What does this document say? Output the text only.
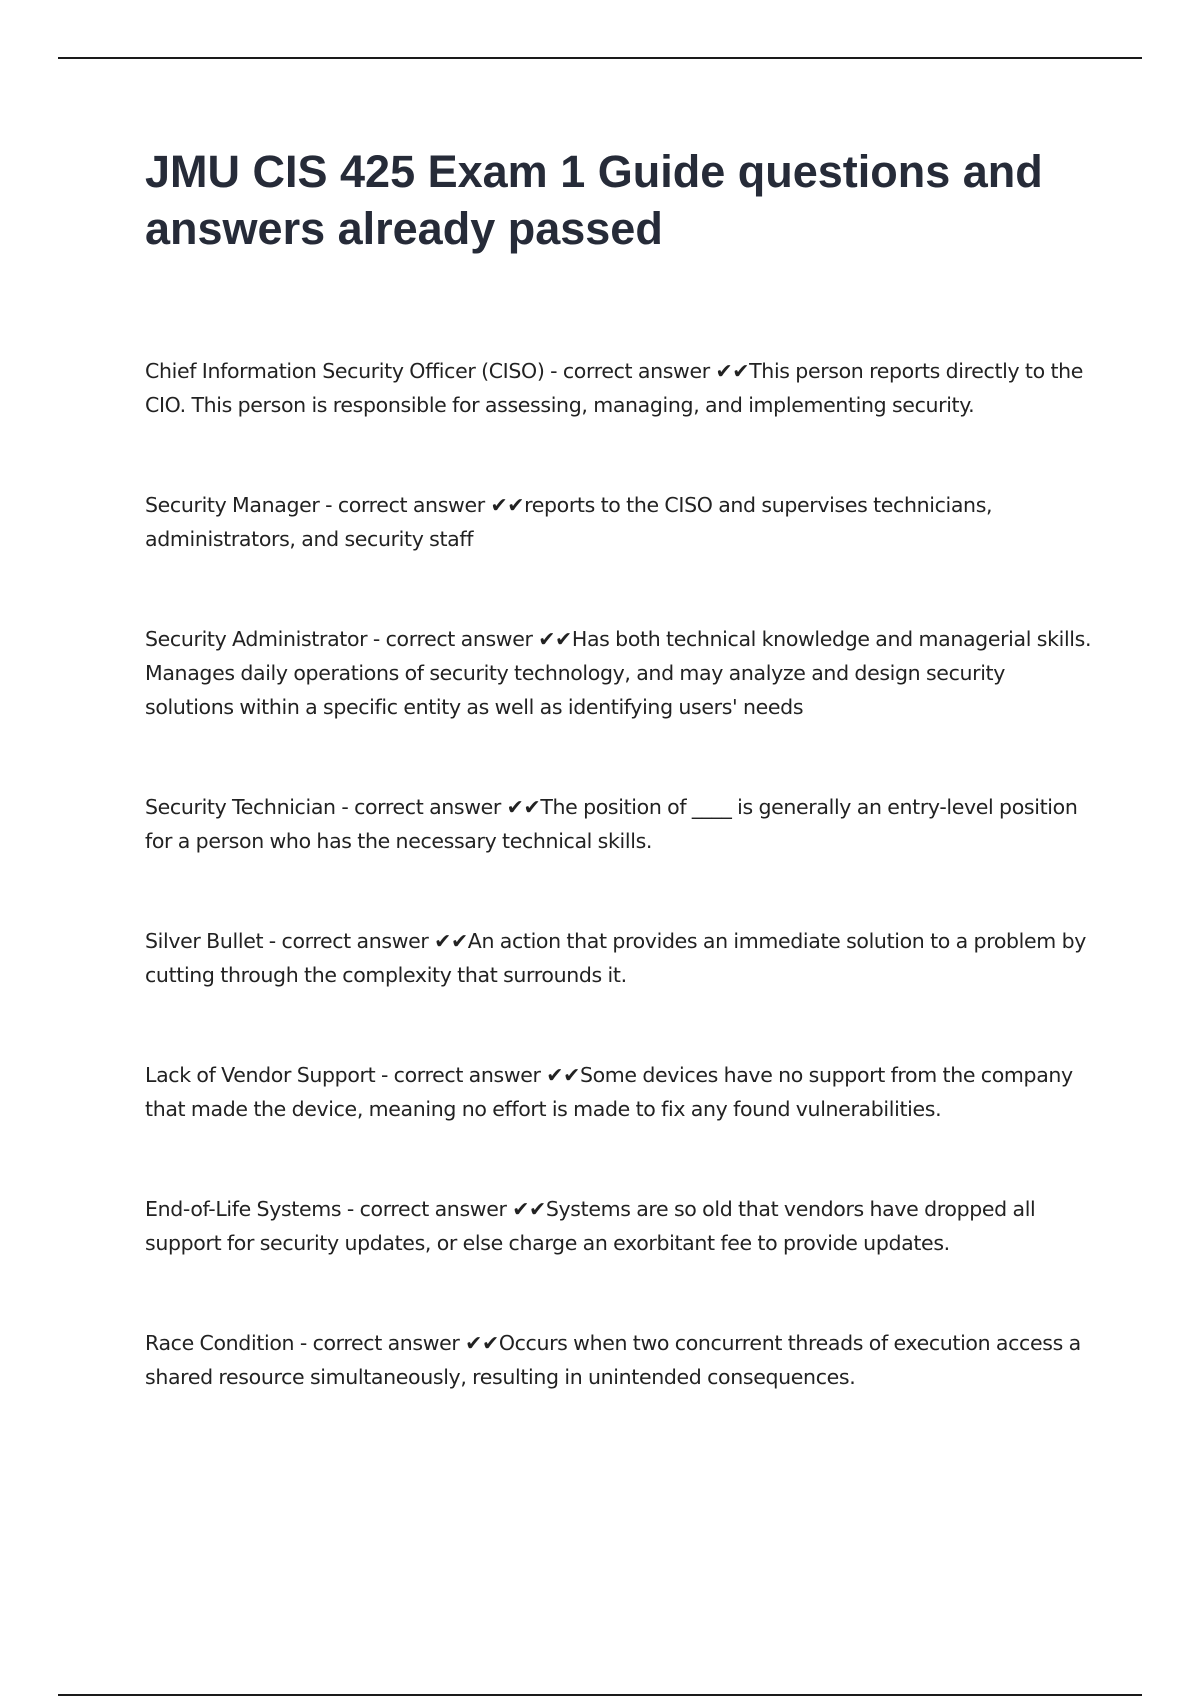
JMU CIS 425 Exam 1 Guide questions and answers already passed

Chief Information Security Officer (CISO) - correct answer ✔✔This person reports directly to the CIO. This person is responsible for assessing, managing, and implementing security.

Security Manager - correct answer ✔✔reports to the CISO and supervises technicians, administrators, and security staff

Security Administrator - correct answer ✔✔Has both technical knowledge and managerial skills. Manages daily operations of security technology, and may analyze and design security solutions within a specific entity as well as identifying users' needs

Security Technician - correct answer ✔✔The position of ____ is generally an entry-level position for a person who has the necessary technical skills.

Silver Bullet - correct answer ✔✔An action that provides an immediate solution to a problem by cutting through the complexity that surrounds it.

Lack of Vendor Support - correct answer ✔✔Some devices have no support from the company that made the device, meaning no effort is made to fix any found vulnerabilities.

End-of-Life Systems - correct answer ✔✔Systems are so old that vendors have dropped all support for security updates, or else charge an exorbitant fee to provide updates.

Race Condition - correct answer ✔✔Occurs when two concurrent threads of execution access a shared resource simultaneously, resulting in unintended consequences.
